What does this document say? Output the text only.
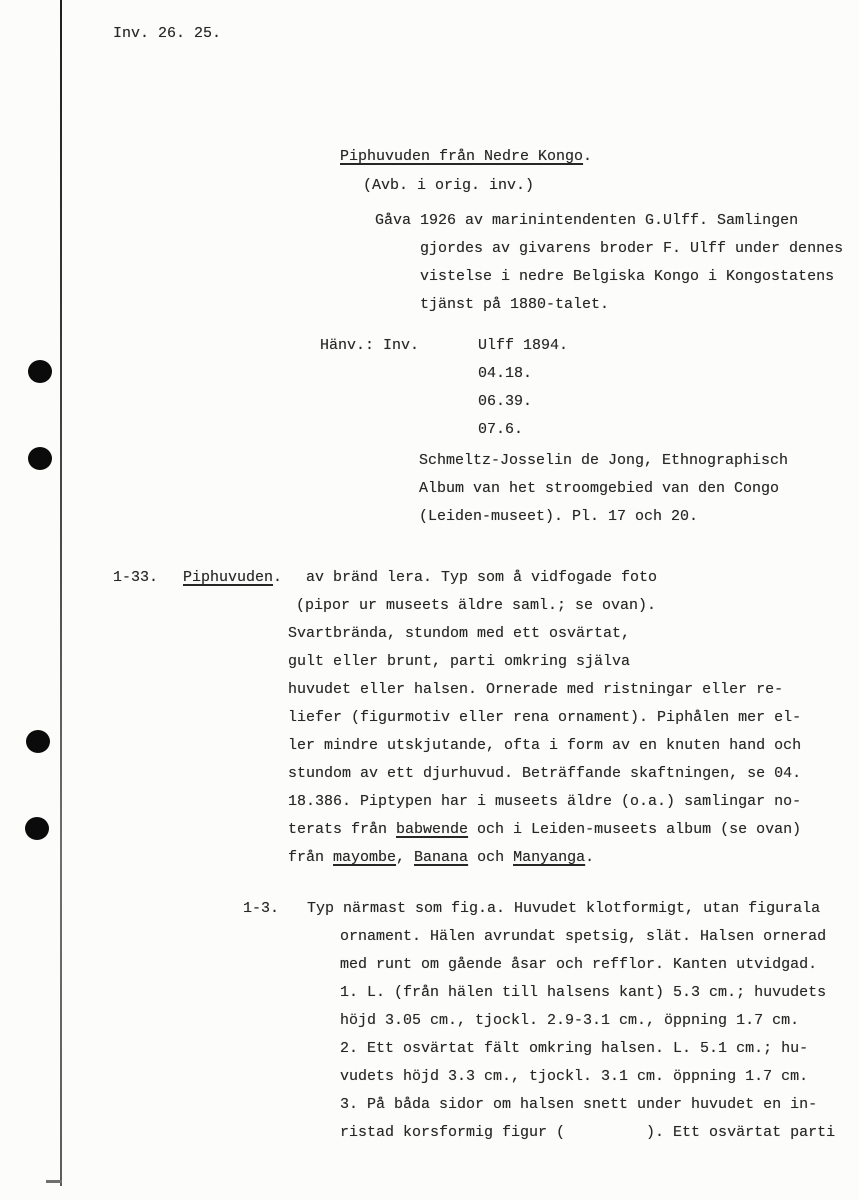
Inv. 26. 25.
Piphuvuden från Nedre Kongo.
(Avb. i orig. inv.)
Gåva 1926 av marinintendenten G.Ulff. Samlingen
gjordes av givarens broder F. Ulff under dennes
vistelse i nedre Belgiska Kongo i Kongostatens
tjänst på 1880-talet.
Hänv.: Inv.	Ulff 1894.
04.18.
06.39.
07.6.
Schmeltz-Josselin de Jong, Ethnographisch
Album van het stroomgebied van den Congo
(Leiden-museet). Pl. 17 och 20.
1-33. Piphuvuden.	av bränd lera. Typ som å vidfogade foto
(pipor ur museets äldre saml.; se ovan).
Svartbrända, stundom med ett osvärtat,
gult eller brunt, parti omkring själva
huvudet eller halsen. Ornerade med ristningar eller re-
liefer (figurmotiv eller rena ornament). Piphålen mer el-
ler mindre utskjutande, ofta i form av en knuten hand och
stundom av ett djurhuvud. Beträffande skaftningen, se 04.
18.386. Piptypen har i museets äldre (o.a.) samlingar no-
terats från babwende och i Leiden-museets album (se ovan)
från mayombe, Banana och Manyanga.
1-3. Typ närmast som fig.a. Huvudet klotformigt, utan figurala
ornament. Hälen avrundat spetsig, slät. Halsen ornerad
med runt om gående åsar och refflor. Kanten utvidgad.
1. L. (från hälen till halsens kant) 5.3 cm.; huvudets
höjd 3.05 cm., tjockl. 2.9-3.1 cm., öppning 1.7 cm.
2. Ett osvärtat fält omkring halsen. L. 5.1 cm.; hu-
vudets höjd 3.3 cm., tjockl. 3.1 cm. öppning 1.7 cm.
3. På båda sidor om halsen snett under huvudet en in-
ristad korsformig figur (         ). Ett osvärtat parti
